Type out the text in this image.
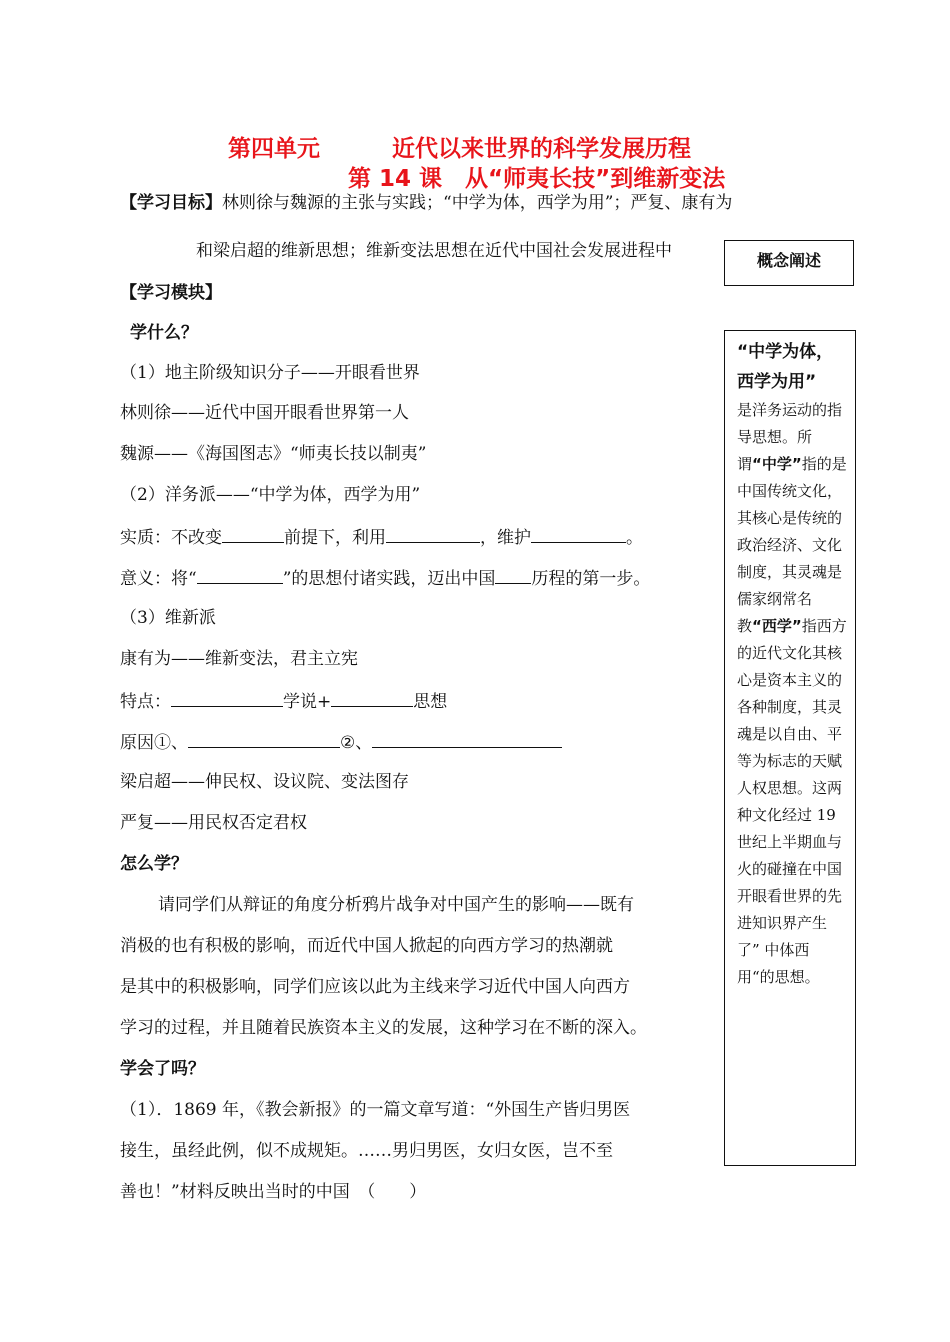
第四单元	近代以来世界的科学发展历程
第 14 课　从“师夷长技”到维新变法
【学习目标】林则徐与魏源的主张与实践；“中学为体，西学为用”；严复、康有为
和梁启超的维新思想；维新变法思想在近代中国社会发展进程中	概念阐述
【学习模块】
学什么？
（1）地主阶级知识分子——开眼看世界
林则徐——近代中国开眼看世界第一人
魏源——《海国图志》“师夷长技以制夷”
（2）洋务派——“中学为体，西学为用”
实质：不改变	前提下，利用	，维护	。
意义：将“	”的思想付诸实践，迈出中国 历程的第一步。
（3）维新派
康有为——维新变法，君主立宪
特点：	学说+	思想
原因①、	②、
梁启超——伸民权、设议院、变法图存
严复——用民权否定君权
怎么学？
请同学们从辩证的角度分析鸦片战争对中国产生的影响——既有
消极的也有积极的影响，而近代中国人掀起的向西方学习的热潮就
是其中的积极影响，同学们应该以此为主线来学习近代中国人向西方
学习的过程，并且随着民族资本主义的发展，这种学习在不断的深入。
学会了吗？
（1）．1869 年，《教会新报》的一篇文章写道：“外国生产皆归男医
接生，虽经此例，似不成规矩。……男归男医，女归女医，岂不至
善也！”材料反映出当时的中国　（　　）
“中学为体，
西学为用”
是洋务运动的指导思想。所谓“中学”指的是中国传统文化，其核心是传统的政治经济、文化制度，其灵魂是儒家纲常名教“西学”指西方的近代文化其核心是资本主义的各种制度，其灵魂是以自由、平等为标志的天赋人权思想。这两种文化经过 19 世纪上半期血与火的碰撞在中国开眼看世界的先进知识界产生了” 中体西用“的思想。
